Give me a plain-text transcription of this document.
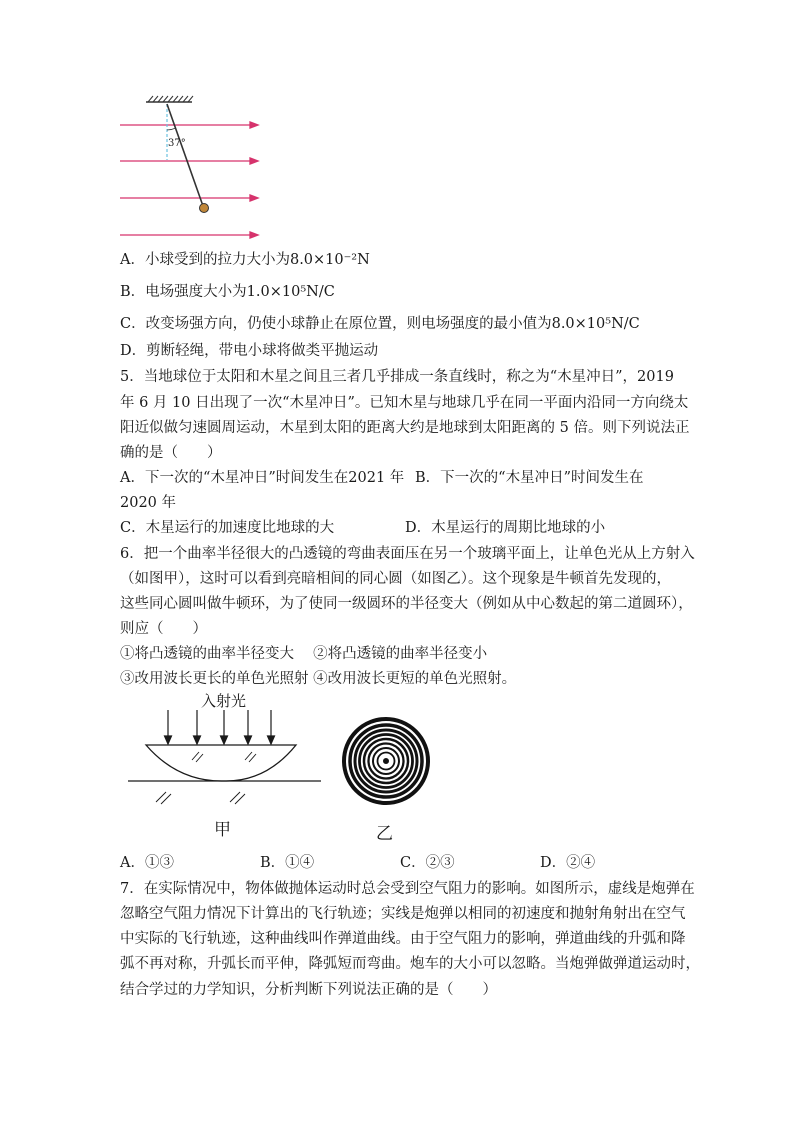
37°
A．小球受到的拉力大小为8.0×10⁻²N
B．电场强度大小为1.0×10⁵N/C
C．改变场强方向，仍使小球静止在原位置，则电场强度的最小值为8.0×10⁵N/C
D．剪断轻绳，带电小球将做类平抛运动
5．当地球位于太阳和木星之间且三者几乎排成一条直线时，称之为“木星冲日”，2019
年 6 月 10 日出现了一次“木星冲日”。已知木星与地球几乎在同一平面内沿同一方向绕太
阳近似做匀速圆周运动，木星到太阳的距离大约是地球到太阳距离的 5 倍。则下列说法正
确的是（　　）
A．下一次的“木星冲日”时间发生在2021 年 B．下一次的“木星冲日”时间发生在
2020 年
C．木星运行的加速度比地球的大	D．木星运行的周期比地球的小
6．把一个曲率半径很大的凸透镜的弯曲表面压在另一个玻璃平面上，让单色光从上方射入
（如图甲），这时可以看到亮暗相间的同心圆（如图乙）。这个现象是牛顿首先发现的，
这些同心圆叫做牛顿环，为了使同一级圆环的半径变大（例如从中心数起的第二道圆环），
则应（　　）
①将凸透镜的曲率半径变大　 ②将凸透镜的曲率半径变小
③改用波长更长的单色光照射 ④改用波长更短的单色光照射。
入射光
甲	乙
A．①③	B．①④	C．②③	D．②④
7．在实际情况中，物体做抛体运动时总会受到空气阻力的影响。如图所示，虚线是炮弹在
忽略空气阻力情况下计算出的飞行轨迹；实线是炮弹以相同的初速度和抛射角射出在空气
中实际的飞行轨迹，这种曲线叫作弹道曲线。由于空气阻力的影响，弹道曲线的升弧和降
弧不再对称，升弧长而平伸，降弧短而弯曲。炮车的大小可以忽略。当炮弹做弹道运动时，
结合学过的力学知识，分析判断下列说法正确的是（　　）
